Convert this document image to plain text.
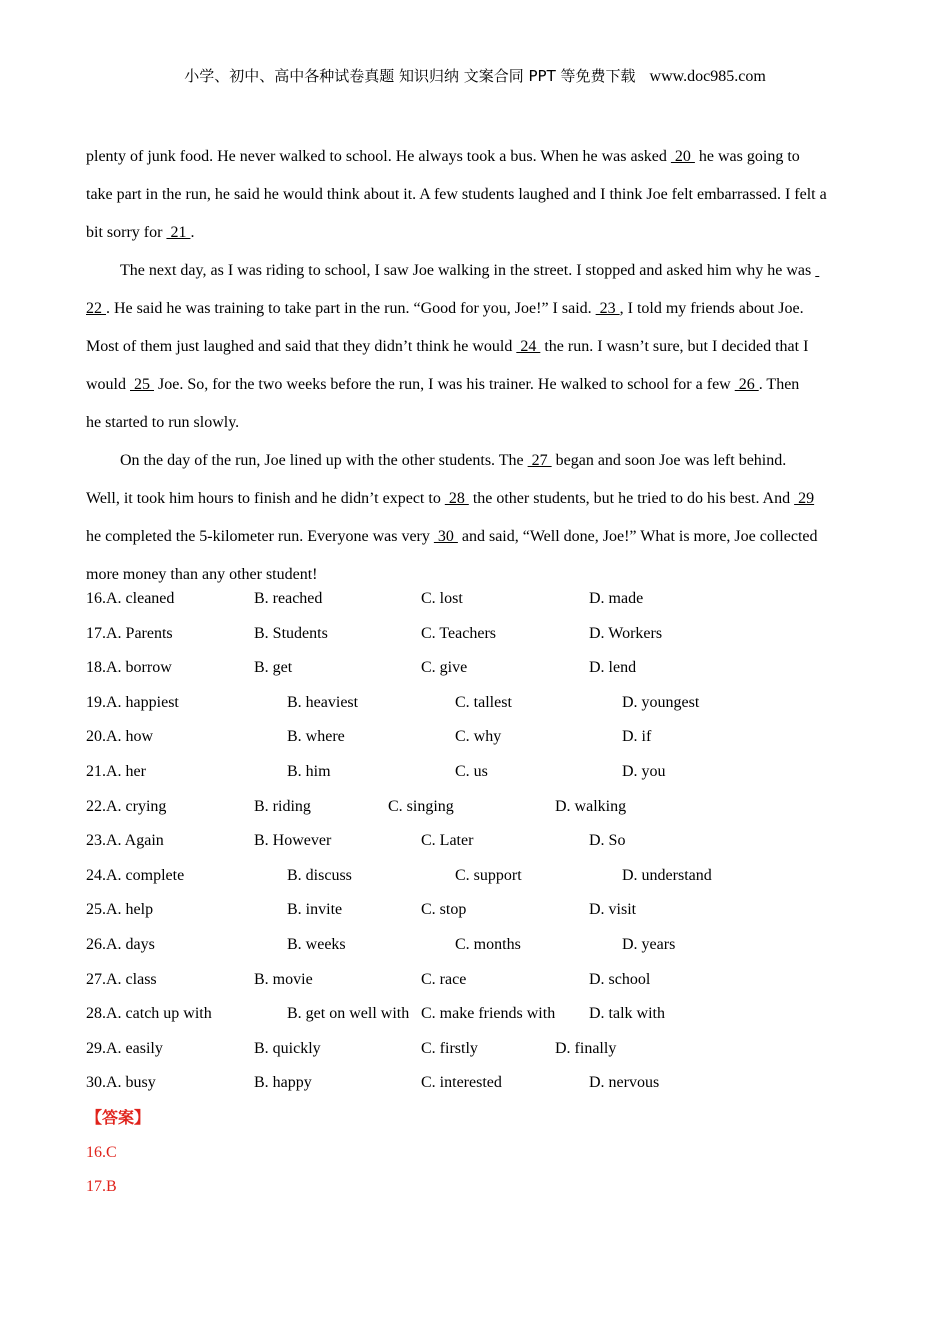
小学、初中、高中各种试卷真题 知识归纳 文案合同 PPT 等免费下载 www.doc985.com
plenty of junk food. He never walked to school. He always took a bus. When he was asked  20  he was going to
take part in the run, he said he would think about it. A few students laughed and I think Joe felt embarrassed. I felt a
bit sorry for  21 .
The next day, as I was riding to school, I saw Joe walking in the street. I stopped and asked him why he was
22 . He said he was training to take part in the run. “Good for you, Joe!” I said.  23 , I told my friends about Joe.
Most of them just laughed and said that they didn’t think he would  24  the run. I wasn’t sure, but I decided that I
would  25  Joe. So, for the two weeks before the run, I was his trainer. He walked to school for a few  26 . Then
he started to run slowly.
On the day of the run, Joe lined up with the other students. The  27  began and soon Joe was left behind.
Well, it took him hours to finish and he didn’t expect to  28  the other students, but he tried to do his best. And  29
he completed the 5-kilometer run. Everyone was very  30  and said, “Well done, Joe!” What is more, Joe collected
more money than any other student!
16.A. cleaned	B. reached	C. lost	D. made
17.A. Parents	B. Students	C. Teachers	D. Workers
18.A. borrow	B. get	C. give	D. lend
19.A. happiest	B. heaviest	C. tallest	D. youngest
20.A. how	B. where	C. why	D. if
21.A. her	B. him	C. us	D. you
22.A. crying	B. riding	C. singing	D. walking
23.A. Again	B. However	C. Later	D. So
24.A. complete	B. discuss	C. support	D. understand
25.A. help	B. invite	C. stop	D. visit
26.A. days	B. weeks	C. months	D. years
27.A. class	B. movie	C. race	D. school
28.A. catch up with	B. get on well with C. make friends with D. talk with
29.A. easily	B. quickly	C. firstly	D. finally
30.A. busy	B. happy	C. interested	D. nervous
【答案】
16.C
17.B
